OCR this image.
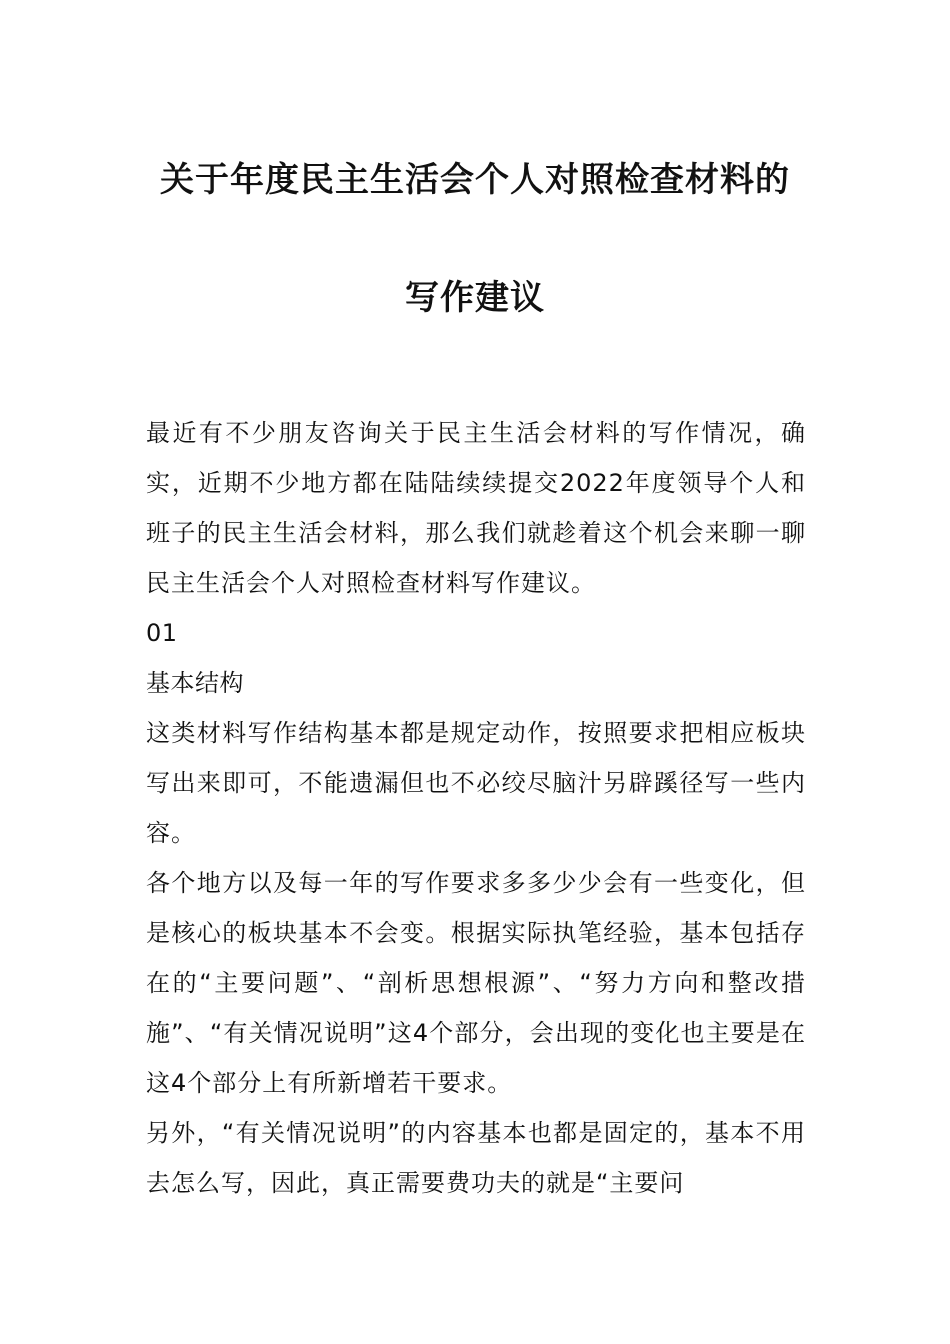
关于年度民主生活会个人对照检查材料的
写作建议

最近有不少朋友咨询关于民主生活会材料的写作情况，确实，近期不少地方都在陆陆续续提交2022年度领导个人和班子的民主生活会材料，那么我们就趁着这个机会来聊一聊民主生活会个人对照检查材料写作建议。

01

基本结构

这类材料写作结构基本都是规定动作，按照要求把相应板块写出来即可，不能遗漏但也不必绞尽脑汁另辟蹊径写一些内容。

各个地方以及每一年的写作要求多多少少会有一些变化，但是核心的板块基本不会变。根据实际执笔经验，基本包括存在的“主要问题”、“剖析思想根源”、“努力方向和整改措施”、“有关情况说明”这4个部分，会出现的变化也主要是在这4个部分上有所新增若干要求。

另外，“有关情况说明”的内容基本也都是固定的，基本不用去怎么写，因此，真正需要费功夫的就是“主要问
